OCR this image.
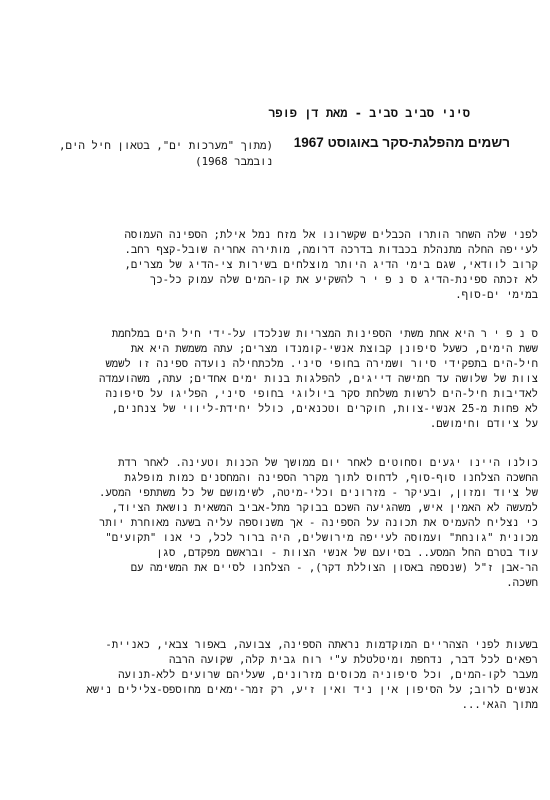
סיני סביב סביב - מאת דן פופר
רשמים מהפלגת-סקר באוגוסט 1967
(מתוך "מערכות ים", בטאון חיל הים,
נובמבר 1968)
לפני שלה השחר הותרו הכבלים שקשרונו אל מזח נמל אילת; הספינה העמוסה
לעייפה החלה מתנהלת בכבדות בדרכה דרומה, מותירה אחריה שובל-קצף רחב.
קרוב לוודאי, שגם בימי הדיג היותר מוצלחים בשירות צי-הדיג של מצרים,
לא זכתה ספינת-הדיג ס נ פ י ר להשקיע את קו-המים שלה עמוק כל-כך
במימי ים-סוף.
ס נ פ י ר היא אחת משתי הספינות המצריות שנלכדו על-ידי חיל הים במלחמת
ששת הימים, כשעל סיפונן קבוצת אנשי-קומנדו מצרים; עתה משמשת היא את
חיל-הים בתפקידי סיור ושמירה בחופי סיני. מלכתחילה נועדה ספינה זו לשמש
צוות של שלושה עד חמישה דייגים, להפלגות בנות ימים אחדים; עתה, משהועמדה
לאדיבות חיל-הים לרשות משלחת סקר ביולוגי בחופי סיני, הפליגו על סיפונה
לא פחות מ-25 אנשי-צוות, חוקרים וטכנאים, כולל יחידת-ליווי של צנחנים,
על ציודם וחימושם.
כולנו היינו יגעים וסחוטים לאחר יום ממושך של הכנות וטעינה. לאחר רדת
החשכה הצלחנו סוף-סוף, לדחוס לתוך מקרר הספינה והמחסנים כמות מופלגת
של ציוד ומזון, ובעיקר - מזרונים וכלי-מיטה, לשימושם של כל משתתפי המסע.
למעשה לא האמין איש, משהגיעה השכם בבוקר מתל-אביב המשאית נושאת הציוד,
כי נצליח להעמיס את תכונה על הספינה - אך משנוספה עליה בשעה מאוחרת יותר
מכונית "גונחת" ועמוסה לעייפה מירושלים, היה ברור לכל, כי אנו "תקועים"
עוד בטרם החל המסע.. בסיועם של אנשי הצוות - ובראשם מפקדם, סגן
הר-אבן ז"ל (שנספה באסון הצוללת דקר), - הצלחנו לסיים את המשימה עם
חשכה.
בשעות לפני הצהריים המוקדמות נראתה הספינה, צבועה, באפור צבאי, כאניית-
רפאים לכל דבר, נדחפת ומיטלטלת ע"י רוח גבית קלה, שקועה הרבה
מעבר לקו-המים, וכל סיפוניה מכוסים מזרונים, שעליהם שרועים ללא-תנועה
אנשים לרוב; על הסיפון אין ניד ואין זיע, רק זמר-ימאים מחוספס-צלילים נישא
מתוך הגאי...
